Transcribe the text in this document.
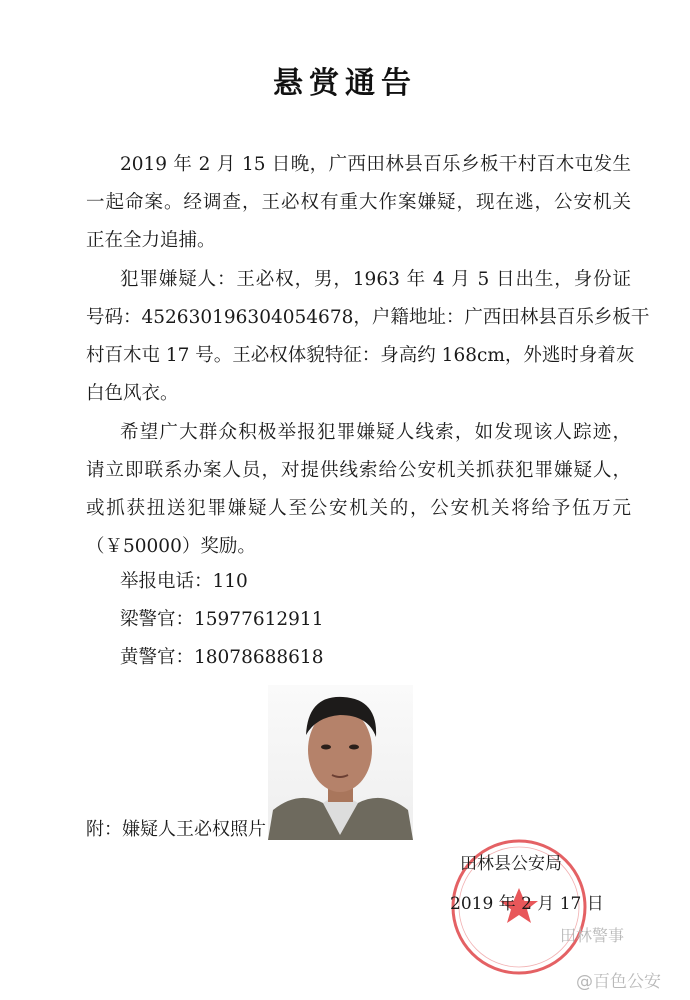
悬赏通告
2019 年 2 月 15 日晚，广西田林县百乐乡板干村百木屯发生
一起命案。经调查，王必权有重大作案嫌疑，现在逃，公安机关
正在全力追捕。
犯罪嫌疑人：王必权，男，1963 年 4 月 5 日出生，身份证
号码：452630196304054678，户籍地址：广西田林县百乐乡板干
村百木屯 17 号。王必权体貌特征：身高约 168cm，外逃时身着灰
白色风衣。
希望广大群众积极举报犯罪嫌疑人线索，如发现该人踪迹，
请立即联系办案人员，对提供线索给公安机关抓获犯罪嫌疑人，
或抓获扭送犯罪嫌疑人至公安机关的，公安机关将给予伍万元
（￥50000）奖励。
举报电话：110
梁警官：15977612911
黄警官：18078688618
附：嫌疑人王必权照片
田林县公安局
2019 年 2 月 17 日
田林警事
@百色公安
